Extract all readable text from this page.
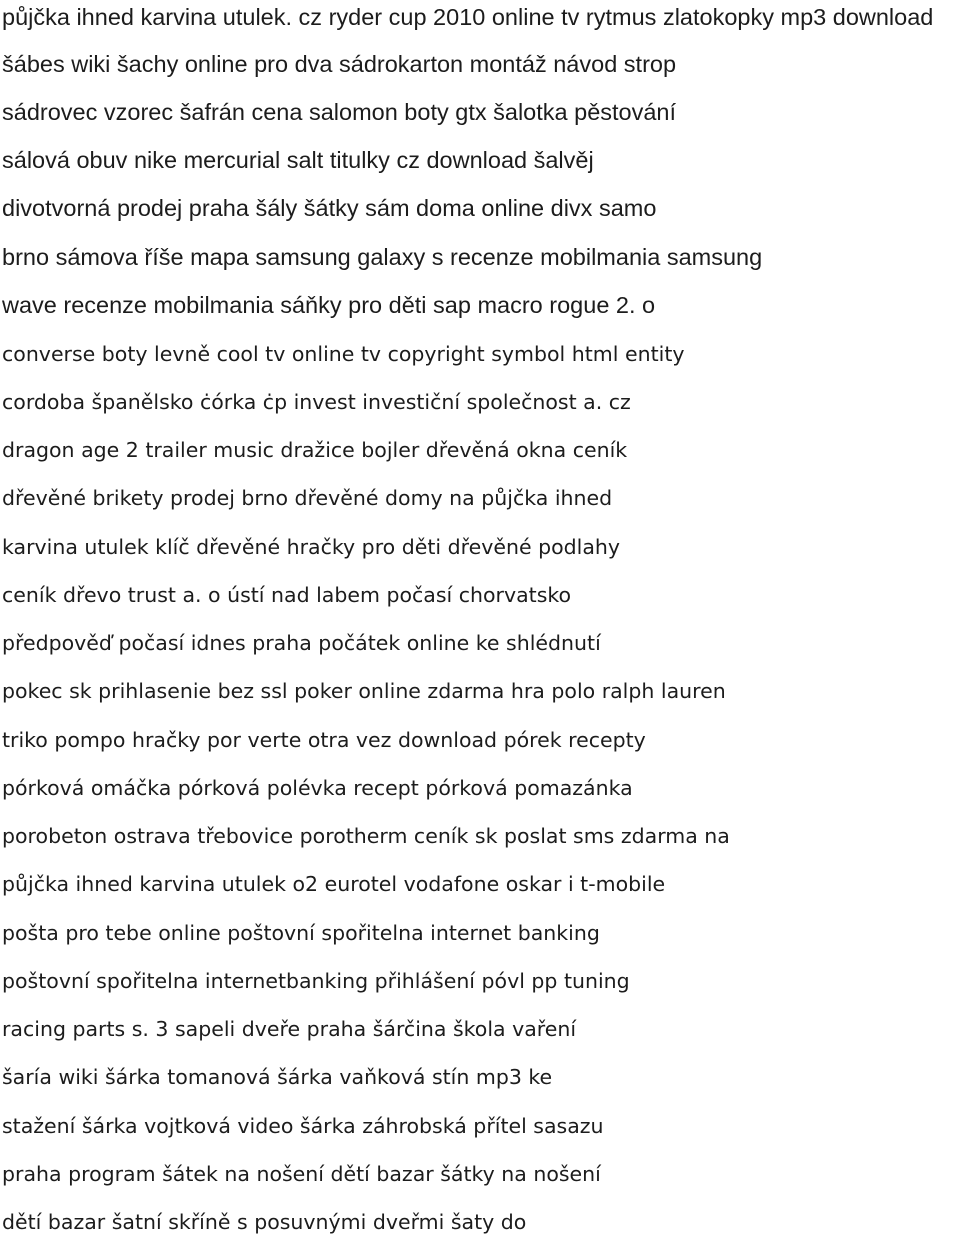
půjčka ihned karvina utulek. cz ryder cup 2010 online tv rytmus zlatokopky mp3 download
šábes wiki šachy online pro dva sádrokarton montáž návod strop
sádrovec vzorec šafrán cena salomon boty gtx šalotka pěstování
sálová obuv nike mercurial salt titulky cz download šalvěj
divotvorná prodej praha šály šátky sám doma online divx samo
brno sámova říše mapa samsung galaxy s recenze mobilmania samsung
wave recenze mobilmania sáňky pro děti sap macro rogue 2. o
converse boty levně cool tv online tv copyright symbol html entity
cordoba španělsko ċórka ċp invest investiční společnost a. cz
dragon age 2 trailer music dražice bojler dřevěná okna ceník
dřevěné brikety prodej brno dřevěné domy na půjčka ihned
karvina utulek klíč dřevěné hračky pro děti dřevěné podlahy
ceník dřevo trust a. o ústí nad labem počasí chorvatsko
předpověď počasí idnes praha počátek online ke shlédnutí
pokec sk prihlasenie bez ssl poker online zdarma hra polo ralph lauren
triko pompo hračky por verte otra vez download pórek recepty
pórková omáčka pórková polévka recept pórková pomazánka
porobeton ostrava třebovice porotherm ceník sk poslat sms zdarma na
půjčka ihned karvina utulek o2 eurotel vodafone oskar i t-mobile
pošta pro tebe online poštovní spořitelna internet banking
poštovní spořitelna internetbanking přihlášení póvl pp tuning
racing parts s. 3 sapeli dveře praha šárčina škola vaření
šaría wiki šárka tomanová šárka vaňková stín mp3 ke
stažení šárka vojtková video šárka záhrobská přítel sasazu
praha program šátek na nošení dětí bazar šátky na nošení
dětí bazar šatní skříně s posuvnými dveřmi šaty do
